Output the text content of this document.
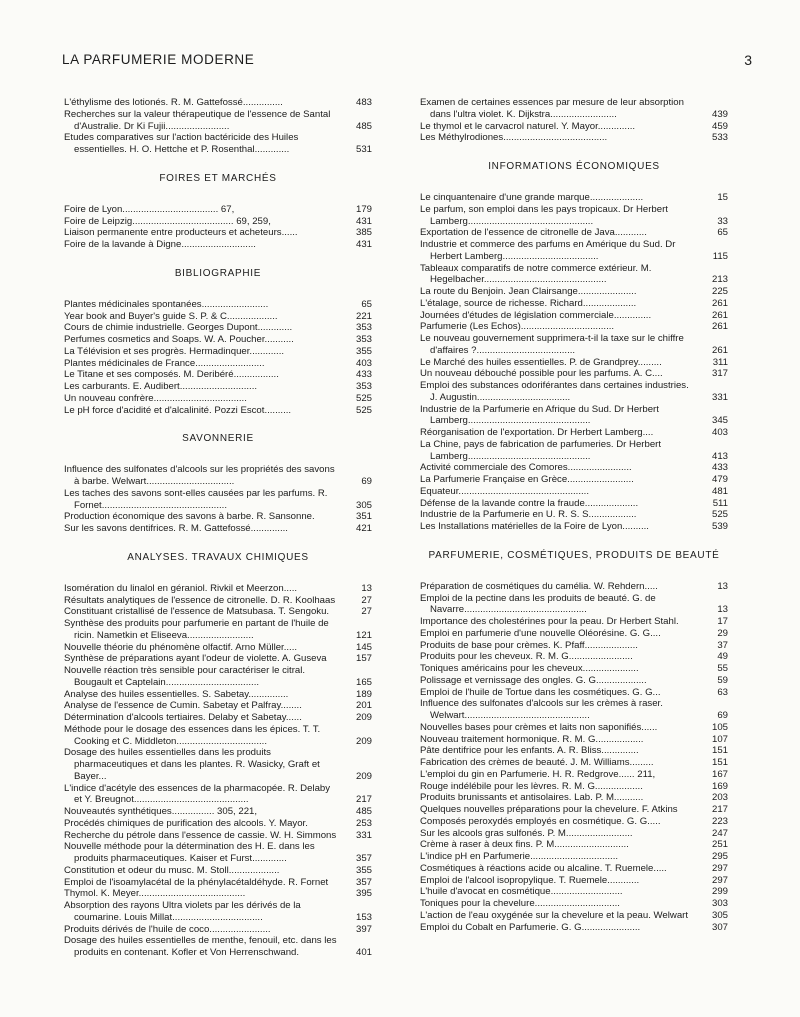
LA PARFUMERIE MODERNE	3
L'éthylisme des lotionés. R. M. Gattefossé...............	483
Recherches sur la valeur thérapeutique de l'essence de Santal d'Australie. Dr Ki Fujii........................	485
Etudes comparatives sur l'action bactéricide des Huiles essentielles. H. O. Hettche et P. Rosenthal.............	531
FOIRES ET MARCHÉS
Foire de Lyon.................................... 67,	179
Foire de Leipzig...................................... 69, 259,	431
Liaison permanente entre producteurs et acheteurs......	385
Foire de la lavande à Digne............................	431
BIBLIOGRAPHIE
Plantes médicinales spontanées.........................	65
Year book and Buyer's guide S. P. & C...................	221
Cours de chimie industrielle. Georges Dupont.............	353
Perfumes cosmetics and Soaps. W. A. Poucher...........	353
La Télévision et ses progrès. Hermadinquer.............	355
Plantes médicinales de France..........................	403
Le Titane et ses composés. M. Deribéré.................	433
Les carburants. E. Audibert.............................	353
Un nouveau confrère...................................	525
Le pH force d'acidité et d'alcalinité. Pozzi Escot..........	525
SAVONNERIE
Influence des sulfonates d'alcools sur les propriétés des savons à barbe. Welwart.................................	69
Les taches des savons sont-elles causées par les parfums. R. Fornet...............................................	305
Production économique des savons à barbe. R. Sansonne.	351
Sur les savons dentifrices. R. M. Gattefossé..............	421
ANALYSES. TRAVAUX CHIMIQUES
Isomération du linalol en géraniol. Rivkil et Meerzon.....	13
Résultats analytiques de l'essence de citronelle. D. R. Koolhaas	27
Constituant cristallisé de l'essence de Matsubasa. T. Sengoku.	27
Synthèse des produits pour parfumerie en partant de l'huile de ricin. Nametkin et Eliseeva.........................	121
Nouvelle théorie du phénomène olfactif. Arno Müller.....	145
Synthèse de préparations ayant l'odeur de violette. A. Guseva	157
Nouvelle réaction très sensible pour caractériser le citral. Bougault et Captelain...................................	165
Analyse des huiles essentielles. S. Sabetay...............	189
Analyse de l'essence de Cumin. Sabetay et Palfray........	201
Détermination d'alcools tertiaires. Delaby et Sabetay......	209
Méthode pour le dosage des essences dans les épices. T. T. Cooking et C. Middleton..................................	209
Dosage des huiles essentielles dans les produits pharmaceutiques et dans les plantes. R. Wasicky, Graft et Bayer...	209
L'indice d'acétyle des essences de la pharmacopée. R. Delaby et Y. Breugnot...........................................	217
Nouveautés synthétiques................ 305, 221,	485
Procédés chimiques de purification des alcools. Y. Mayor.	253
Recherche du pétrole dans l'essence de cassie. W. H. Simmons	331
Nouvelle méthode pour la détermination des H. E. dans les produits pharmaceutiques. Kaiser et Furst.............	357
Constitution et odeur du musc. M. Stoll...................	355
Emploi de l'isoamylacétal de la phénylacétaldéhyde. R. Fornet	357
Thymol. K. Meyer........................................	395
Absorption des rayons Ultra violets par les dérivés de la coumarine. Louis Millat..................................	153
Produits dérivés de l'huile de coco.......................	397
Dosage des huiles essentielles de menthe, fenouil, etc. dans les produits en contenant. Kofler et Von Herrenschwand.	401
Examen de certaines essences par mesure de leur absorption dans l'ultra violet. K. Dijkstra.........................	439
Le thymol et le carvacrol naturel. Y. Mayor..............	459
Les Méthylrodiones.......................................	533
INFORMATIONS ÉCONOMIQUES
Le cinquantenaire d'une grande marque....................	15
Le parfum, son emploi dans les pays tropicaux. Dr Herbert Lamberg...............................................	33
Exportation de l'essence de citronelle de Java............	65
Industrie et commerce des parfums en Amérique du Sud. Dr Herbert Lamberg....................................	115
Tableaux comparatifs de notre commerce extérieur. M. Hegelbacher..............................................	213
La route du Benjoin. Jean Clairsange......................	225
L'étalage, source de richesse. Richard....................	261
Journées d'études de législation commerciale..............	261
Parfumerie (Les Echos)...................................	261
Le nouveau gouvernement supprimera-t-il la taxe sur le chiffre d'affaires ?.....................................	261
Le Marché des huiles essentielles. P. de Grandprey.........	311
Un nouveau débouché possible pour les parfums. A. C....	317
Emploi des substances odoriférantes dans certaines industries. J. Augustin...................................	331
Industrie de la Parfumerie en Afrique du Sud. Dr Herbert Lamberg..............................................	345
Réorganisation de l'exportation. Dr Herbert Lamberg....	403
La Chine, pays de fabrication de parfumeries. Dr Herbert Lamberg..............................................	413
Activité commerciale des Comores........................	433
La Parfumerie Française en Grèce.........................	479
Equateur.................................................	481
Défense de la lavande contre la fraude....................	511
Industrie de la Parfumerie en U. R. S. S..................	525
Les Installations matérielles de la Foire de Lyon..........	539
PARFUMERIE, COSMÉTIQUES, PRODUITS DE BEAUTÉ
Préparation de cosmétiques du camélia. W. Rehdern.....	13
Emploi de la pectine dans les produits de beauté. G. de Navarre..............................................	13
Importance des cholestérines pour la peau. Dr Herbert Stahl.	17
Emploi en parfumerie d'une nouvelle Oléorésine. G. G....	29
Produits de base pour crèmes. K. Pfaff....................	37
Produits pour les cheveux. R. M. G........................	49
Toniques américains pour les cheveux.....................	55
Polissage et vernissage des ongles. G. G...................	59
Emploi de l'huile de Tortue dans les cosmétiques. G. G...	63
Influence des sulfonates d'alcools sur les crèmes à raser. Welwart...............................................	69
Nouvelles bases pour crèmes et laits non saponifiés......	105
Nouveau traitement hormonique. R. M. G..................	107
Pâte dentifrice pour les enfants. A. R. Bliss..............	151
Fabrication des crèmes de beauté. J. M. Williams.........	151
L'emploi du gin en Parfumerie. H. R. Redgrove...... 211,	167
Rouge indélébile pour les lèvres. R. M. G..................	169
Produits brunissants et antisolaires. Lab. P. M...........	203
Quelques nouvelles préparations pour la chevelure. F. Atkins	217
Composés peroxydés employés en cosmétique. G. G.....	223
Sur les alcools gras sulfonés. P. M.........................	247
Crème à raser à deux fins. P. M............................	251
L'indice pH en Parfumerie.................................	295
Cosmétiques à réactions acide ou alcaline. T. Ruemele.....	297
Emploi de l'alcool isopropylique. T. Ruemele............	297
L'huile d'avocat en cosmétique...........................	299
Toniques pour la chevelure................................	303
L'action de l'eau oxygénée sur la chevelure et la peau. Welwart	305
Emploi du Cobalt en Parfumerie. G. G......................	307
